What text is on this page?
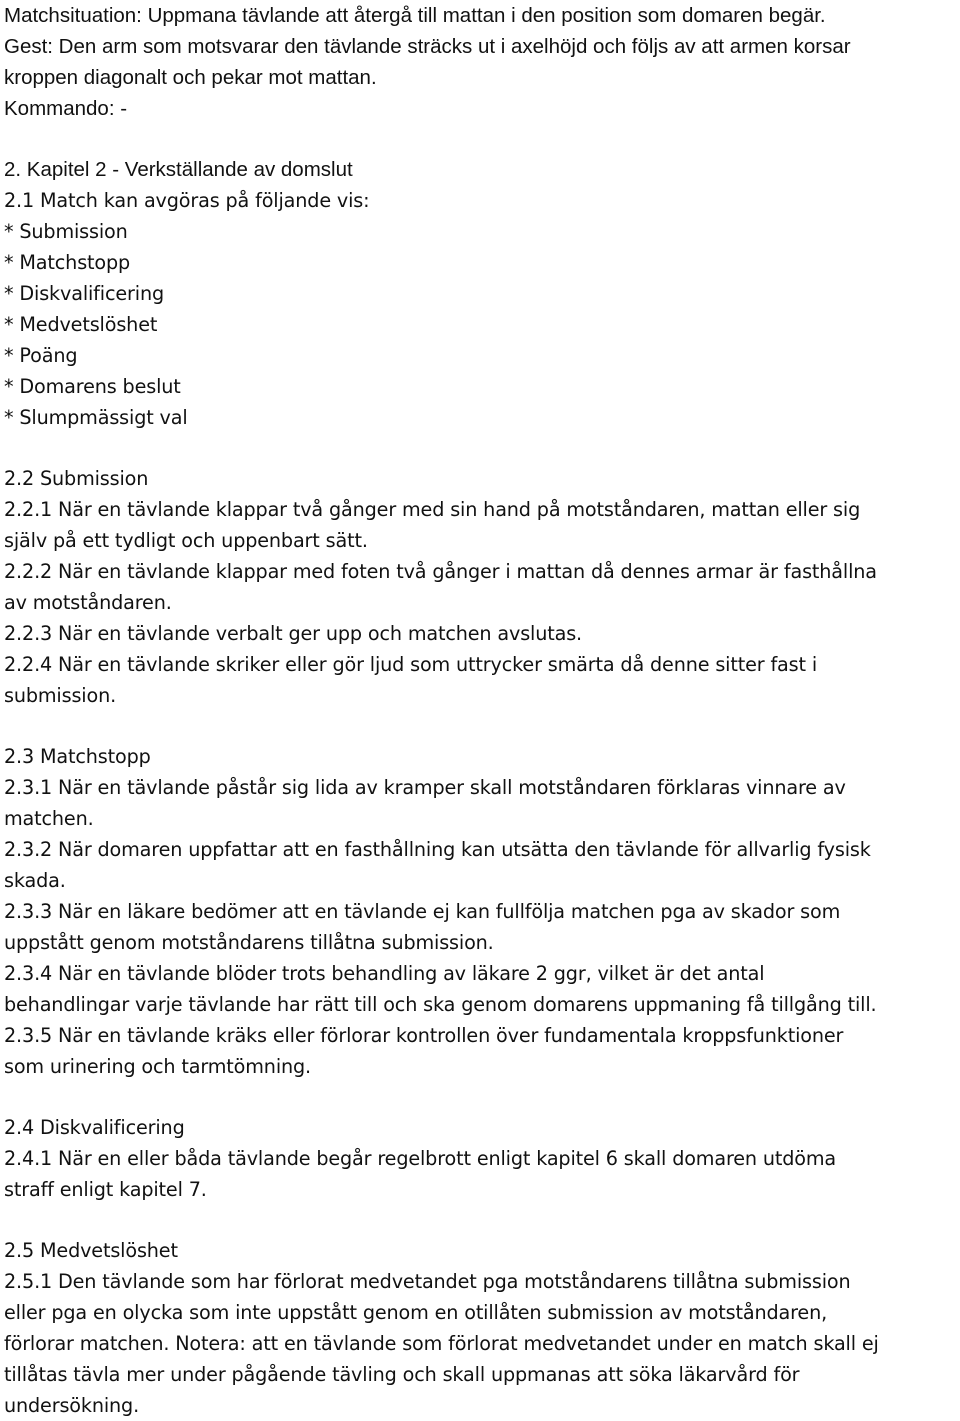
Matchsituation: Uppmana tävlande att återgå till mattan i den position som domaren begär.
Gest: Den arm som motsvarar den tävlande sträcks ut i axelhöjd och följs av att armen korsar
kroppen diagonalt och pekar mot mattan.
Kommando: -
2. Kapitel 2 - Verkställande av domslut
2.1 Match kan avgöras på följande vis:
* Submission
* Matchstopp
* Diskvalificering
* Medvetslöshet
* Poäng
* Domarens beslut
* Slumpmässigt val
2.2 Submission
2.2.1 När en tävlande klappar två gånger med sin hand på motståndaren, mattan eller sig
själv på ett tydligt och uppenbart sätt.
2.2.2 När en tävlande klappar med foten två gånger i mattan då dennes armar är fasthållna
av motståndaren.
2.2.3 När en tävlande verbalt ger upp och matchen avslutas.
2.2.4 När en tävlande skriker eller gör ljud som uttrycker smärta då denne sitter fast i
submission.
2.3 Matchstopp
2.3.1 När en tävlande påstår sig lida av kramper skall motståndaren förklaras vinnare av
matchen.
2.3.2 När domaren uppfattar att en fasthållning kan utsätta den tävlande för allvarlig fysisk
skada.
2.3.3 När en läkare bedömer att en tävlande ej kan fullfölja matchen pga av skador som
uppstått genom motståndarens tillåtna submission.
2.3.4 När en tävlande blöder trots behandling av läkare 2 ggr, vilket är det antal
behandlingar varje tävlande har rätt till och ska genom domarens uppmaning få tillgång till.
2.3.5 När en tävlande kräks eller förlorar kontrollen över fundamentala kroppsfunktioner
som urinering och tarmtömning.
2.4 Diskvalificering
2.4.1 När en eller båda tävlande begår regelbrott enligt kapitel 6 skall domaren utdöma
straff enligt kapitel 7.
2.5 Medvetslöshet
2.5.1 Den tävlande som har förlorat medvetandet pga motståndarens tillåtna submission
eller pga en olycka som inte uppstått genom en otillåten submission av motståndaren,
förlorar matchen. Notera: att en tävlande som förlorat medvetandet under en match skall ej
tillåtas tävla mer under pågående tävling och skall uppmanas att söka läkarvård för
undersökning.
